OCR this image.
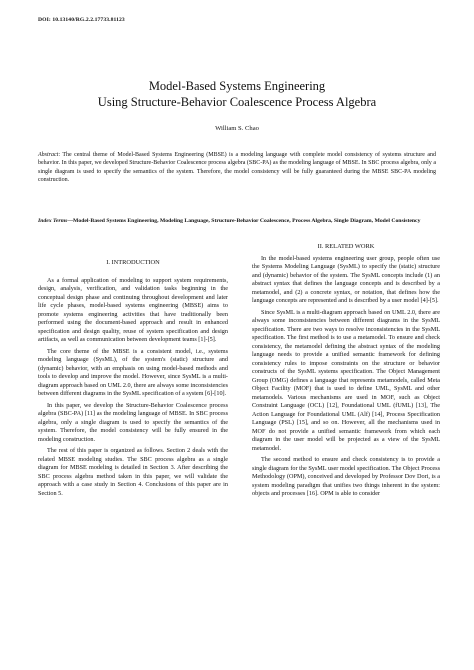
DOI: 10.13140/RG.2.2.17733.81123
Model-Based Systems Engineering
Using Structure-Behavior Coalescence Process Algebra
William S. Chao
Abstract: The central theme of Model-Based Systems Engineering (MBSE) is a modeling language with complete model consistency of systems structure and behavior. In this paper, we developed Structure-Behavior Coalescence process algebra (SBC-PA) as the modeling language of MBSE. In SBC process algebra, only a single diagram is used to specify the semantics of the system. Therefore, the model consistency will be fully guaranteed during the MBSE SBC-PA modeling construction.
Index Terms—Model-Based Systems Engineering, Modeling Language, Structure-Behavior Coalescence, Process Algebra, Single Diagram, Model Consistency

I. INTRODUCTION

As a formal application of modeling to support system requirements, design, analysis, verification, and validation tasks beginning in the conceptual design phase and continuing throughout development and later life cycle phases, model-based systems engineering (MBSE) aims to promote systems engineering activities that have traditionally been performed using the document-based approach and result in enhanced specification and design quality, reuse of system specification and design artifacts, as well as communication between development teams [1]-[5].

The core theme of the MBSE is a consistent model, i.e., systems modeling language (SysML), of the system's (static) structure and (dynamic) behavior, with an emphasis on using model-based methods and tools to develop and improve the model. However, since SysML is a multi-diagram approach based on UML 2.0, there are always some inconsistencies between different diagrams in the SysML specification of a system [6]-[10].

In this paper, we develop the Structure-Behavior Coalescence process algebra (SBC-PA) [11] as the modeling language of MBSE. In SBC process algebra, only a single diagram is used to specify the semantics of the system. Therefore, the model consistency will be fully ensured in the modeling construction.

The rest of this paper is organized as follows. Section 2 deals with the related MBSE modeling studies. The SBC process algebra as a single diagram for MBSE modeling is detailed in Section 3. After describing the SBC process algebra method taken in this paper, we will validate the approach with a case study in Section 4. Conclusions of this paper are in Section 5.

II. RELATED WORK

In the model-based systems engineering user group, people often use the Systems Modeling Language (SysML) to specify the (static) structure and (dynamic) behavior of the system. The SysML concepts include (1) an abstract syntax that defines the language concepts and is described by a metamodel, and (2) a concrete syntax, or notation, that defines how the language concepts are represented and is described by a user model [4]-[5].

Since SysML is a multi-diagram approach based on UML 2.0, there are always some inconsistencies between different diagrams in the SysML specification. There are two ways to resolve inconsistencies in the SysML specification. The first method is to use a metamodel. To ensure and check consistency, the metamodel defining the abstract syntax of the modeling language needs to provide a unified semantic framework for defining consistency rules to impose constraints on the structure or behavior constructs of the SysML systems specification. The Object Management Group (OMG) defines a language that represents metamodels, called Meta Object Facility (MOF) that is used to define UML, SysML and other metamodels. Various mechanisms are used in MOF, such as Object Constraint Language (OCL) [12], Foundational UML (fUML) [13], The Action Language for Foundational UML (Alf) [14], Process Specification Language (PSL) [15], and so on. However, all the mechanisms used in MOF do not provide a unified semantic framework from which each diagram in the user model will be projected as a view of the SysML metamodel.

The second method to ensure and check consistency is to provide a single diagram for the SysML user model specification. The Object Process Methodology (OPM), conceived and developed by Professor Dov Dori, is a system modeling paradigm that unifies two things inherent in the system: objects and processes [16]. OPM is able to consider
